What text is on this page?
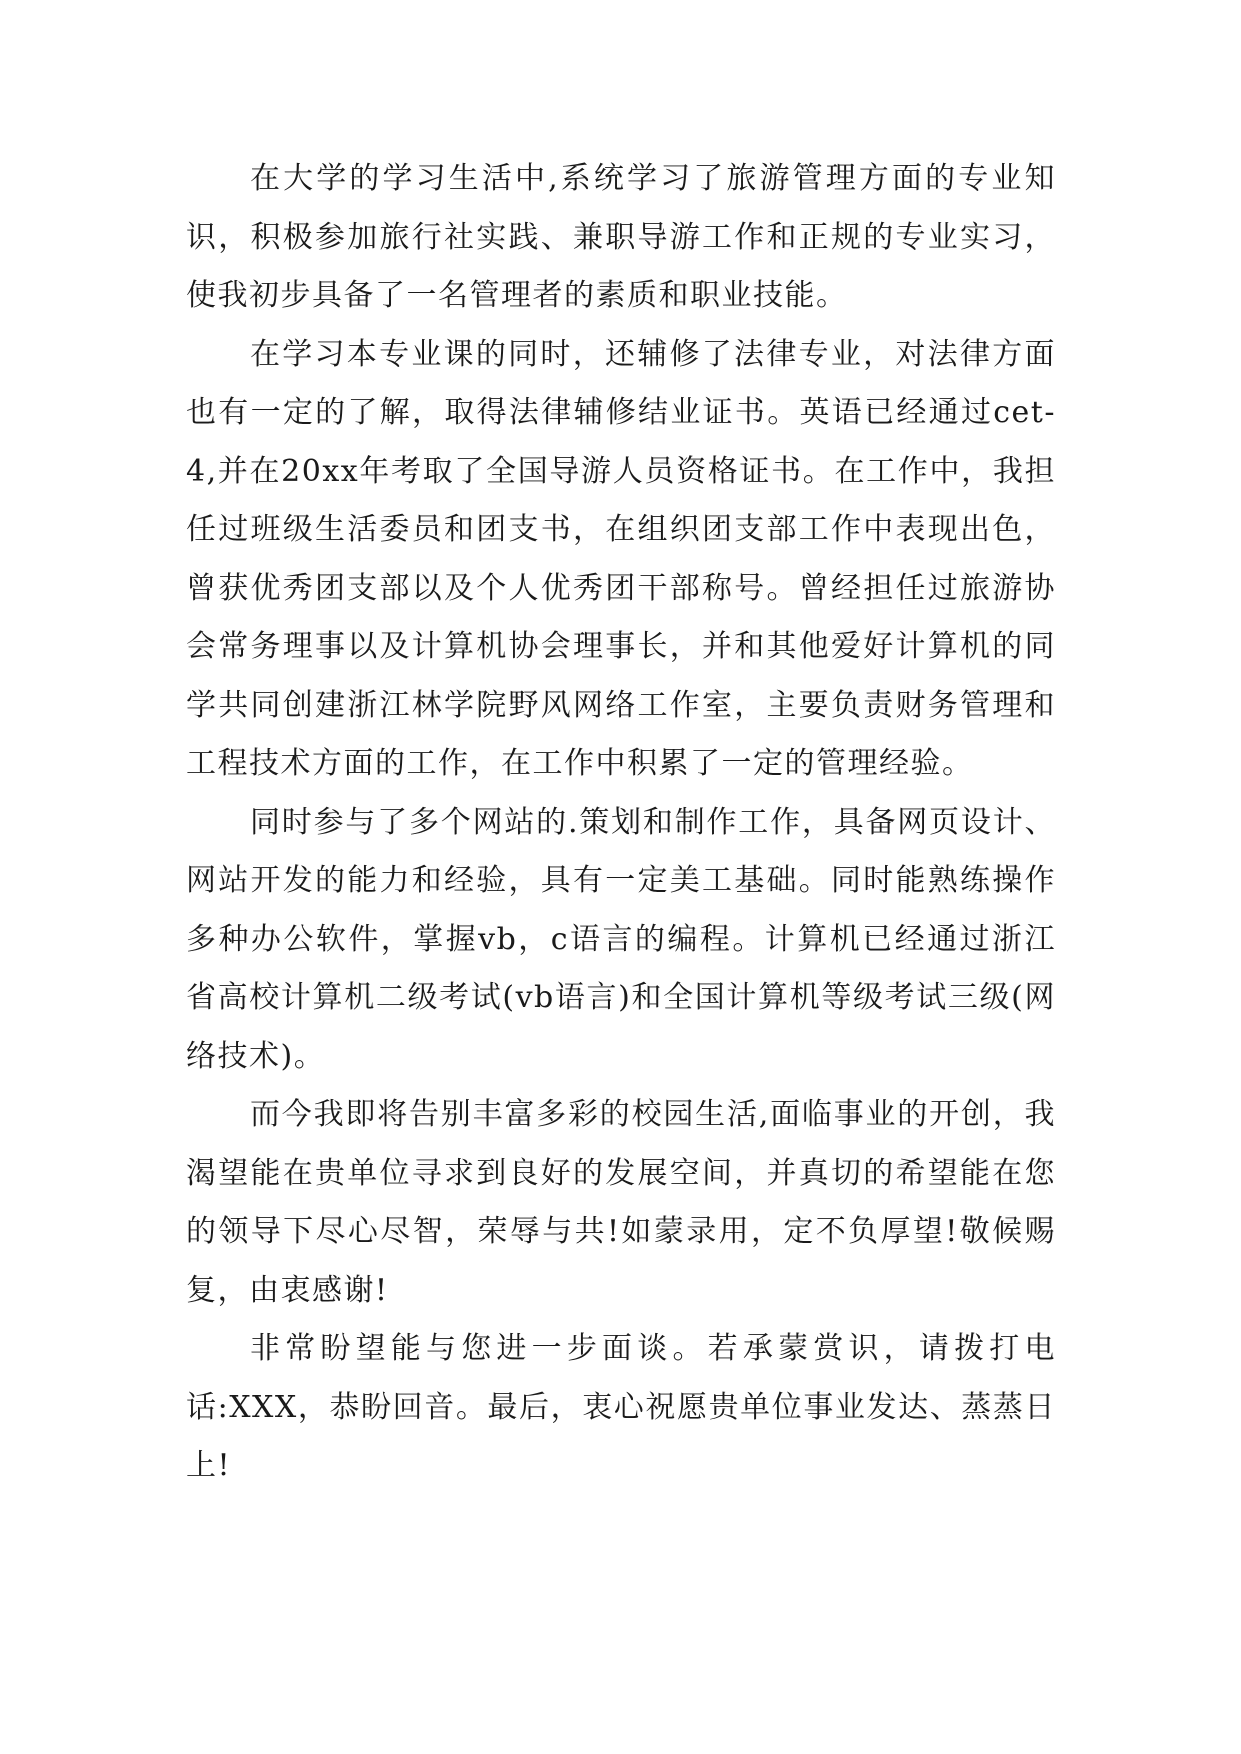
在大学的学习生活中,系统学习了旅游管理方面的专业知识，积极参加旅行社实践、兼职导游工作和正规的专业实习，使我初步具备了一名管理者的素质和职业技能。

在学习本专业课的同时，还辅修了法律专业，对法律方面也有一定的了解，取得法律辅修结业证书。英语已经通过cet-4,并在20xx年考取了全国导游人员资格证书。在工作中，我担任过班级生活委员和团支书，在组织团支部工作中表现出色，曾获优秀团支部以及个人优秀团干部称号。曾经担任过旅游协会常务理事以及计算机协会理事长，并和其他爱好计算机的同学共同创建浙江林学院野风网络工作室，主要负责财务管理和工程技术方面的工作，在工作中积累了一定的管理经验。

同时参与了多个网站的.策划和制作工作，具备网页设计、网站开发的能力和经验，具有一定美工基础。同时能熟练操作多种办公软件，掌握vb，c语言的编程。计算机已经通过浙江省高校计算机二级考试(vb语言)和全国计算机等级考试三级(网络技术)。

而今我即将告别丰富多彩的校园生活,面临事业的开创，我渴望能在贵单位寻求到良好的发展空间，并真切的希望能在您的领导下尽心尽智，荣辱与共!如蒙录用，定不负厚望!敬候赐复，由衷感谢!

非常盼望能与您进一步面谈。若承蒙赏识，请拨打电话:XXX，恭盼回音。最后，衷心祝愿贵单位事业发达、蒸蒸日上!
